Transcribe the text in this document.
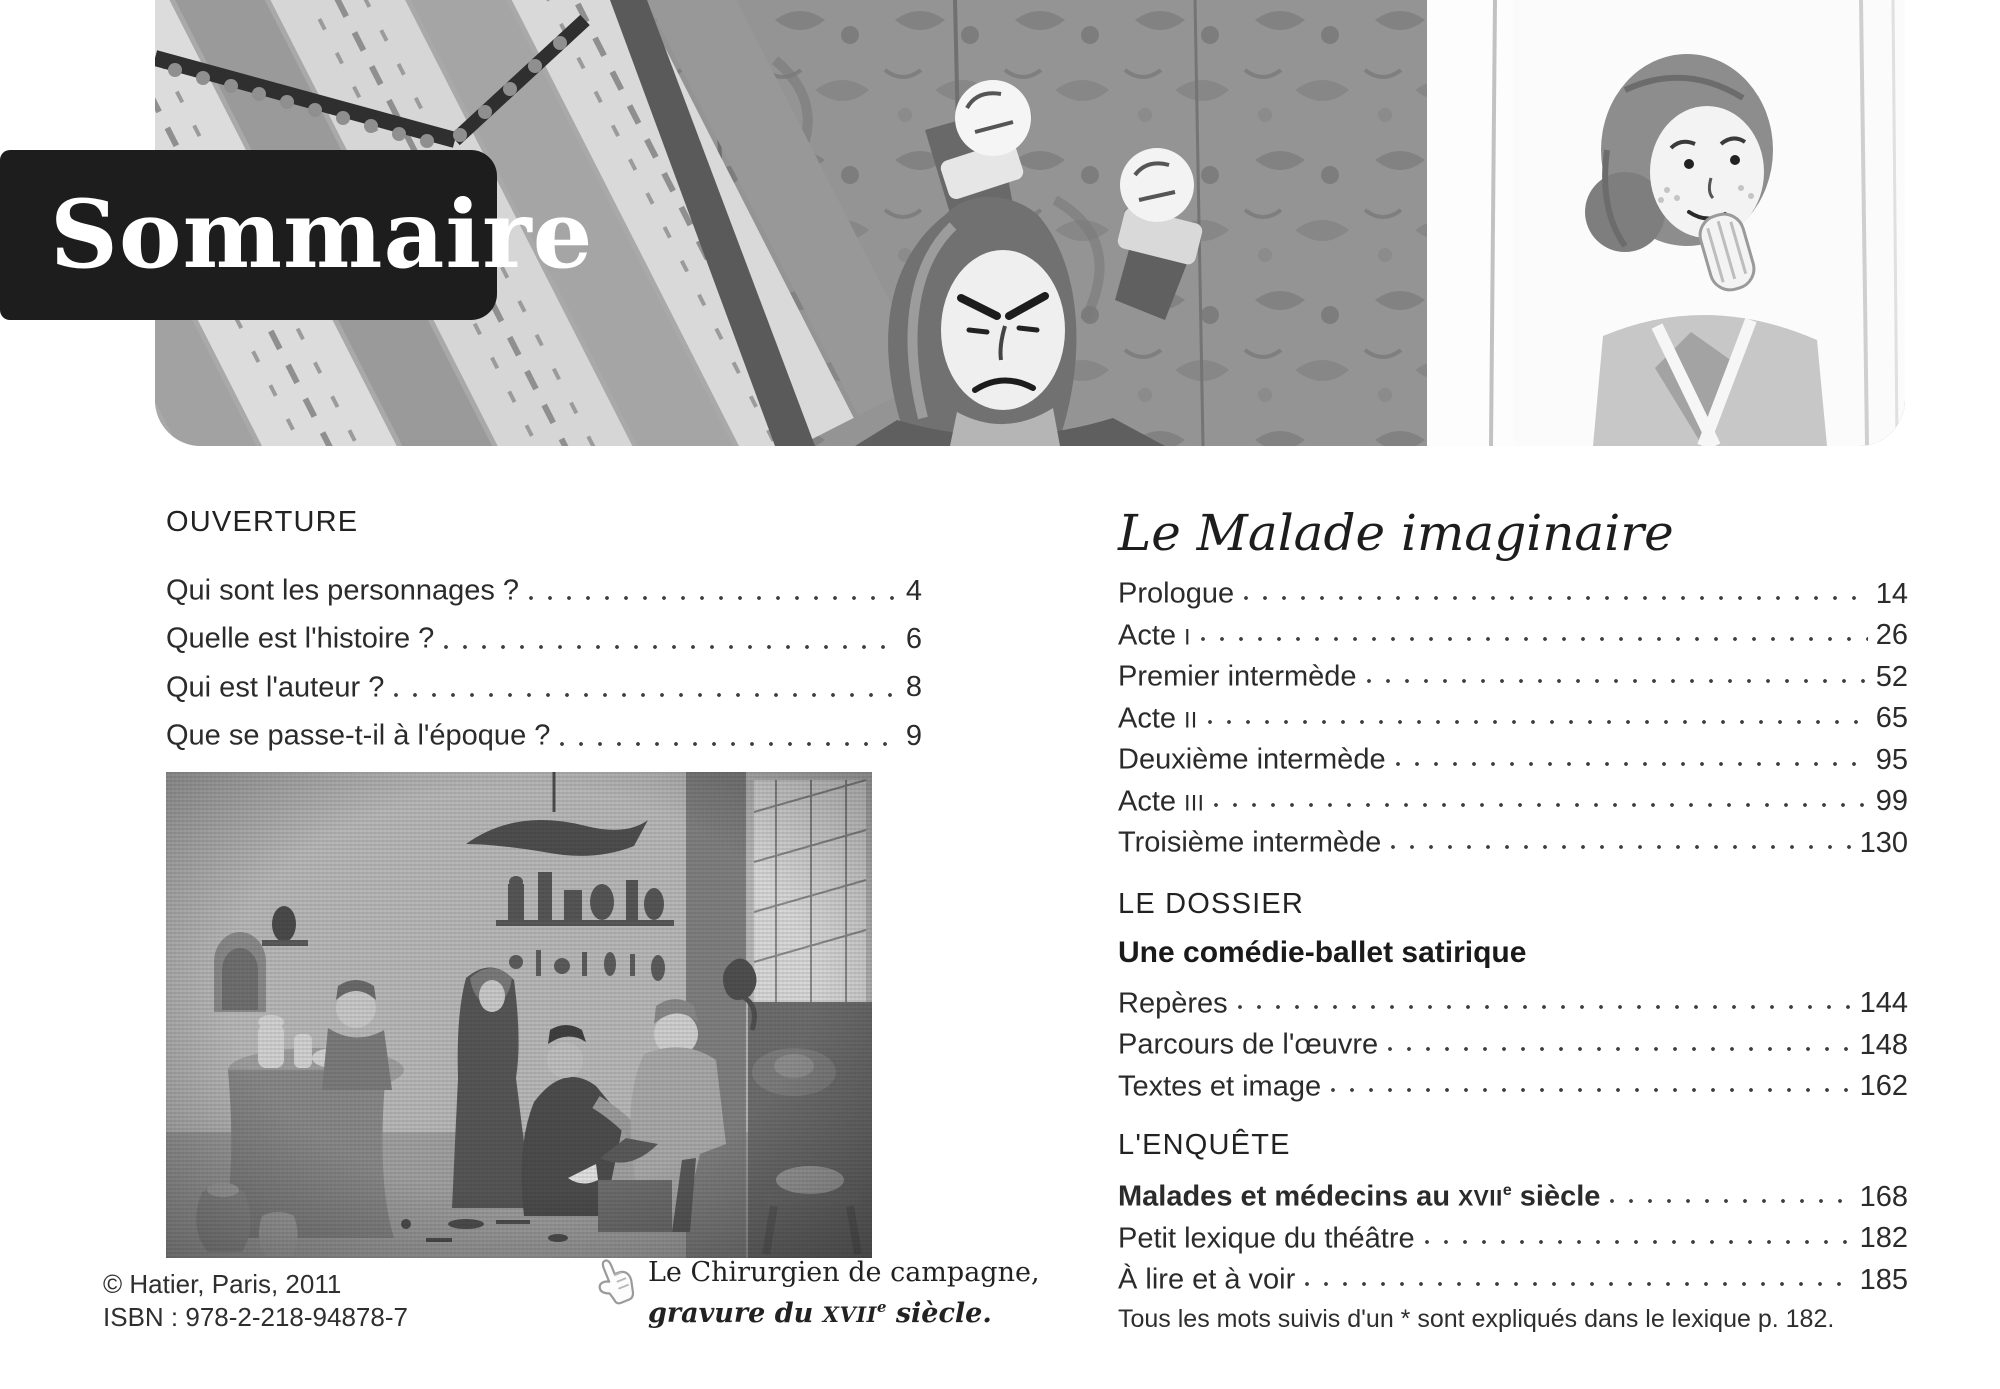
Sommaire
OUVERTURE
Qui sont les personnages ?	4
Quelle est l'histoire ?	6
Qui est l'auteur ?	8
Que se passe-t-il à l'époque ?	9
Le Malade imaginaire
Prologue	14
Acte I	26
Premier intermède	52
Acte II	65
Deuxième intermède	95
Acte III	99
Troisième intermède	130
LE DOSSIER
Une comédie-ballet satirique
Repères	144
Parcours de l'œuvre	148
Textes et image	162
L'ENQUÊTE
Malades et médecins au XVIIe siècle	168
Petit lexique du théâtre	182
À lire et à voir	185
Tous les mots suivis d'un * sont expliqués dans le lexique p. 182.
© Hatier, Paris, 2011
ISBN : 978-2-218-94878-7
Le Chirurgien de campagne,
gravure du XVIIe siècle.
